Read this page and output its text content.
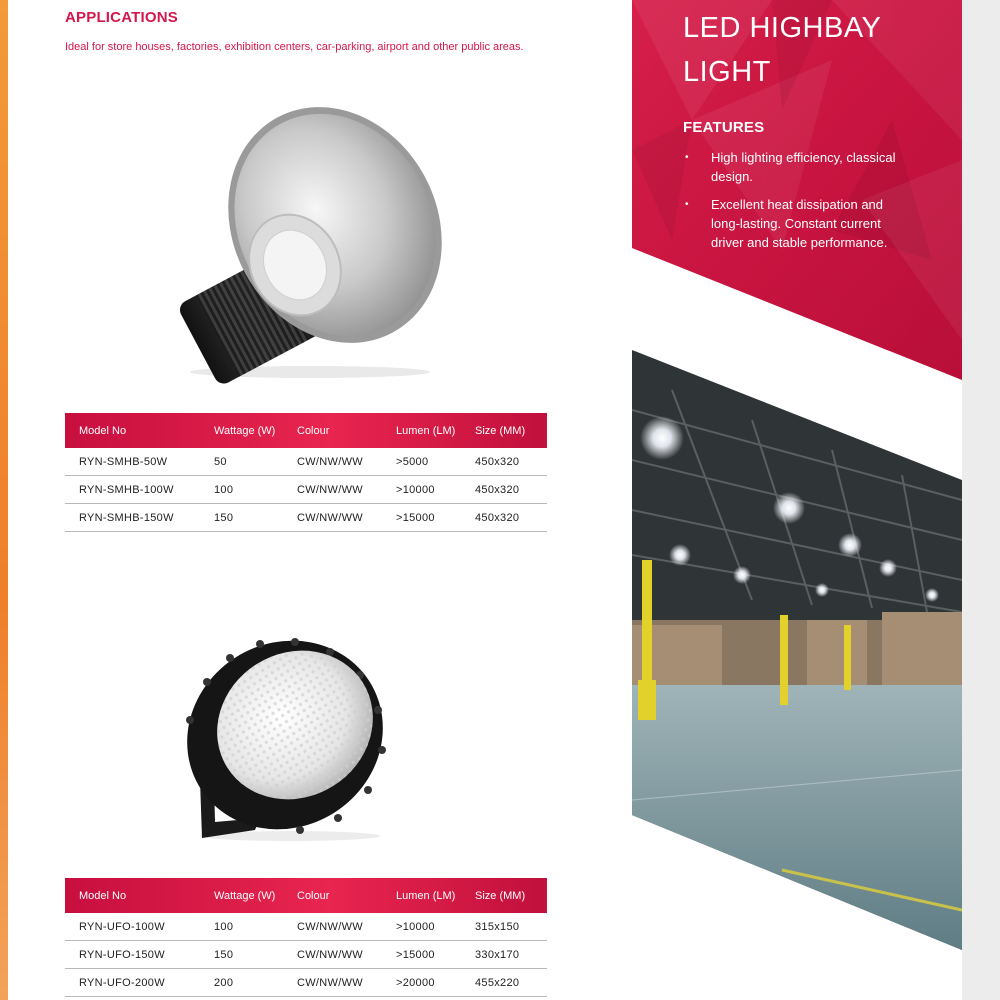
APPLICATIONS
Ideal for store houses, factories, exhibition centers, car-parking, airport and other public areas.
Model No	Wattage (W)	Colour	Lumen (LM)	Size (MM)
RYN-SMHB-50W	50	CW/NW/WW	>5000	450x320
RYN-SMHB-100W	100	CW/NW/WW	>10000	450x320
RYN-SMHB-150W	150	CW/NW/WW	>15000	450x320
Model No	Wattage (W)	Colour	Lumen (LM)	Size (MM)
RYN-UFO-100W	100	CW/NW/WW	>10000	315x150
RYN-UFO-150W	150	CW/NW/WW	>15000	330x170
RYN-UFO-200W	200	CW/NW/WW	>20000	455x220
LED HIGHBAY
LIGHT
FEATURES
• High lighting efficiency, classical design.
• Excellent heat dissipation and long-lasting. Constant current driver and stable performance.
